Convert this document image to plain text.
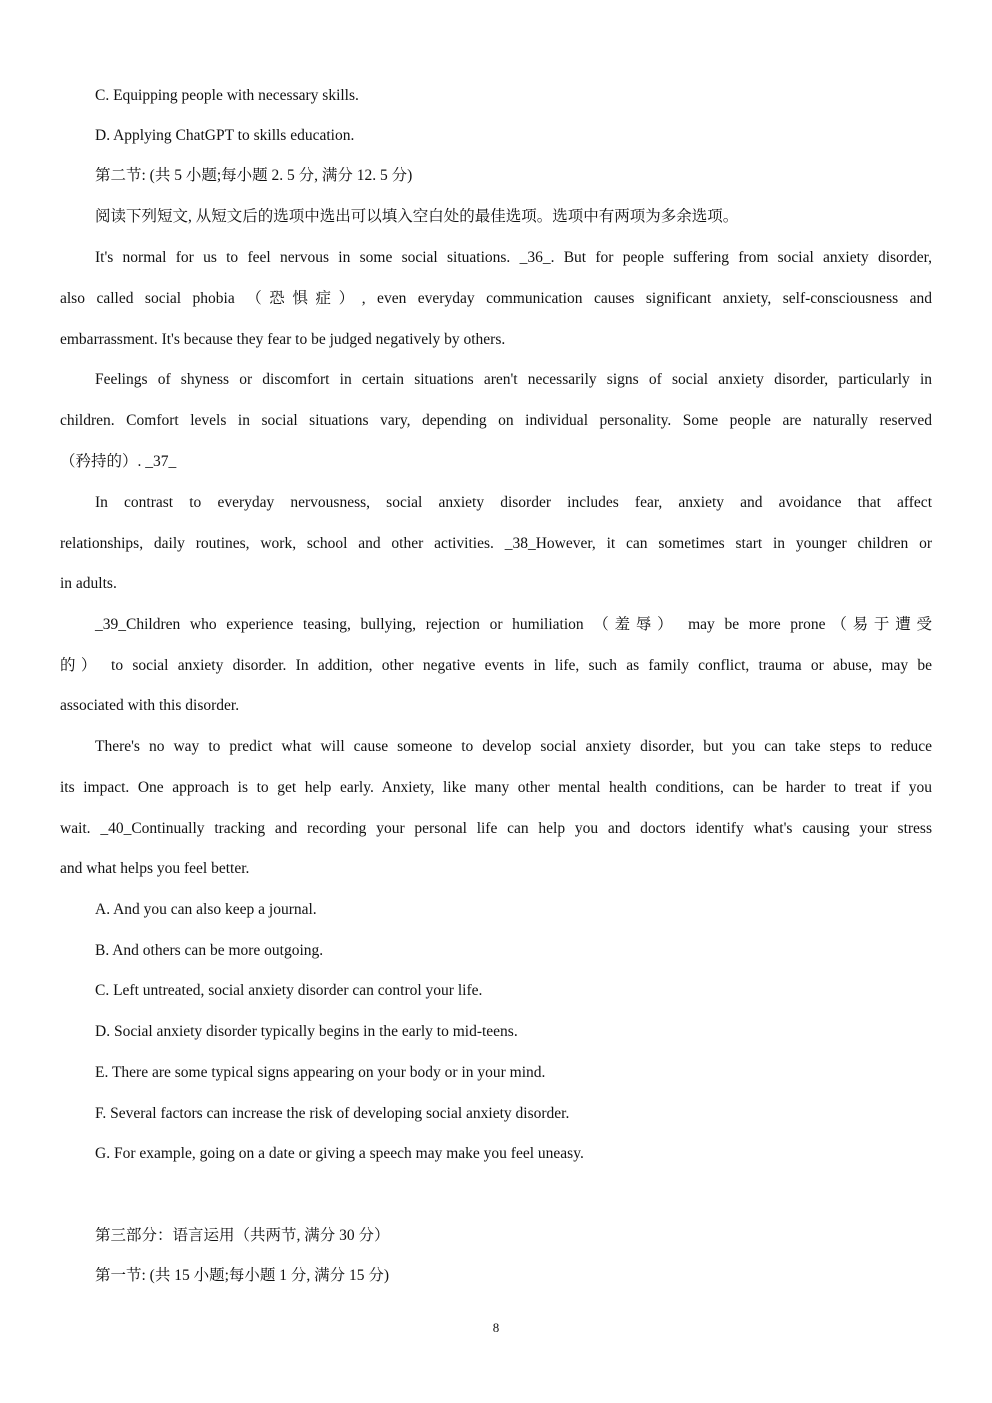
C. Equipping people with necessary skills.
D. Applying ChatGPT to skills education.
第二节: (共 5 小题;每小题 2. 5 分, 满分 12. 5 分)
阅读下列短文, 从短文后的选项中选出可以填入空白处的最佳选项。选项中有两项为多余选项。
It's normal for us to feel nervous in some social situations. _36_. But for people suffering from social anxiety disorder,
also called social phobia （恐惧症）, even everyday communication causes significant anxiety, self-consciousness and
embarrassment. It's because they fear to be judged negatively by others.
Feelings of shyness or discomfort in certain situations aren't necessarily signs of social anxiety disorder, particularly in
children. Comfort levels in social situations vary, depending on individual personality. Some people are naturally reserved
（矜持的）. _37_
In contrast to everyday nervousness, social anxiety disorder includes fear, anxiety and avoidance that affect
relationships, daily routines, work, school and other activities. _38_However, it can sometimes start in younger children or
in adults.
_39_Children who experience teasing, bullying, rejection or humiliation （羞辱） may be more prone（易于遭受
的） to social anxiety disorder. In addition, other negative events in life, such as family conflict, trauma or abuse, may be
associated with this disorder.
There's no way to predict what will cause someone to develop social anxiety disorder, but you can take steps to reduce
its impact. One approach is to get help early. Anxiety, like many other mental health conditions, can be harder to treat if you
wait. _40_Continually tracking and recording your personal life can help you and doctors identify what's causing your stress
and what helps you feel better.
A. And you can also keep a journal.
B. And others can be more outgoing.
C. Left untreated, social anxiety disorder can control your life.
D. Social anxiety disorder typically begins in the early to mid-teens.
E. There are some typical signs appearing on your body or in your mind.
F. Several factors can increase the risk of developing social anxiety disorder.
G. For example, going on a date or giving a speech may make you feel uneasy.
第三部分：语言运用（共两节, 满分 30 分）
第一节: (共 15 小题;每小题 1 分, 满分 15 分)
8
